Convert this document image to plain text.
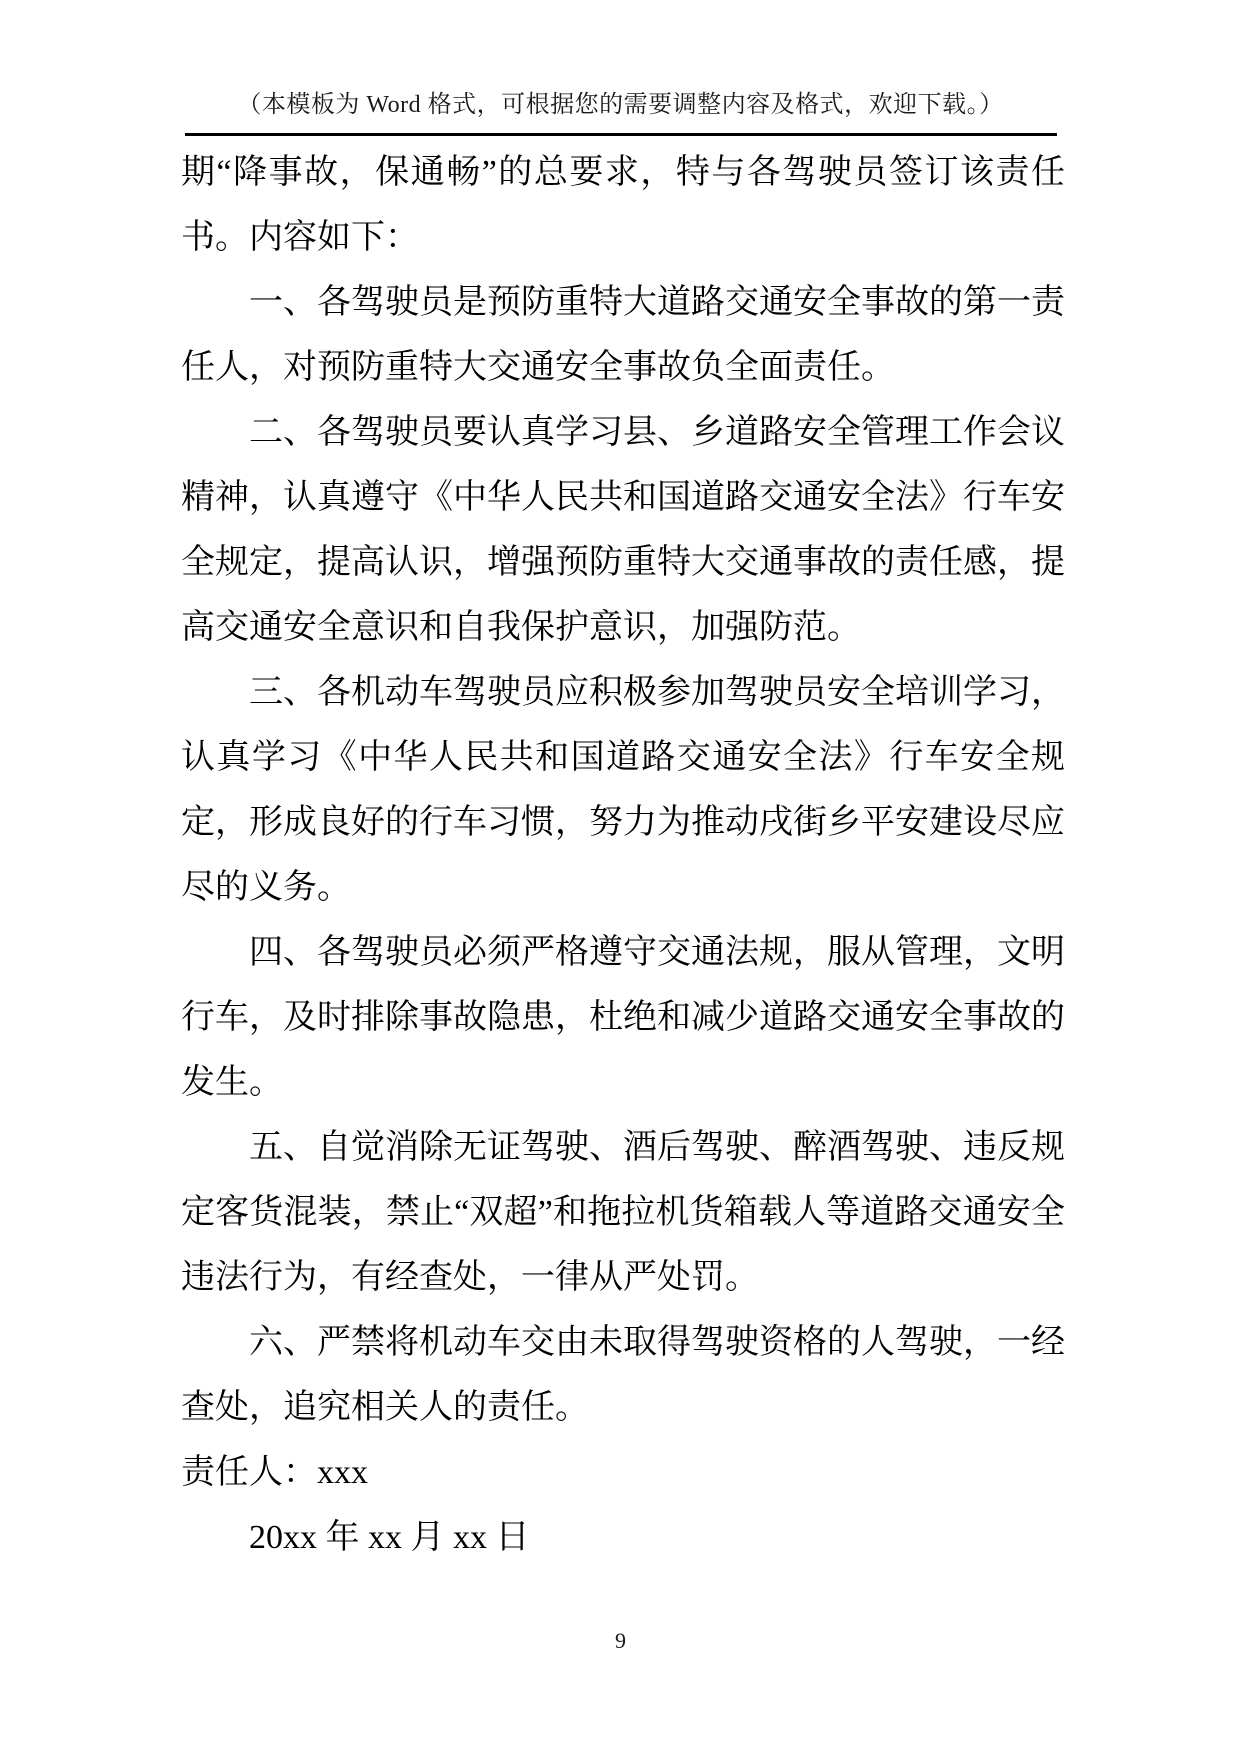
（本模板为 Word 格式，可根据您的需要调整内容及格式，欢迎下载。）

期“降事故，保通畅”的总要求，特与各驾驶员签订该责任书。内容如下：

一、各驾驶员是预防重特大道路交通安全事故的第一责任人，对预防重特大交通安全事故负全面责任。

二、各驾驶员要认真学习县、乡道路安全管理工作会议精神，认真遵守《中华人民共和国道路交通安全法》行车安全规定，提高认识，增强预防重特大交通事故的责任感，提高交通安全意识和自我保护意识，加强防范。

三、各机动车驾驶员应积极参加驾驶员安全培训学习，认真学习《中华人民共和国道路交通安全法》行车安全规定，形成良好的行车习惯，努力为推动戌街乡平安建设尽应尽的义务。

四、各驾驶员必须严格遵守交通法规，服从管理，文明行车，及时排除事故隐患，杜绝和减少道路交通安全事故的发生。

五、自觉消除无证驾驶、酒后驾驶、醉酒驾驶、违反规定客货混装，禁止“双超”和拖拉机货箱载人等道路交通安全违法行为，有经查处，一律从严处罚。

六、严禁将机动车交由未取得驾驶资格的人驾驶，一经查处，追究相关人的责任。

责任人：xxx

20xx 年 xx 月 xx 日

9
